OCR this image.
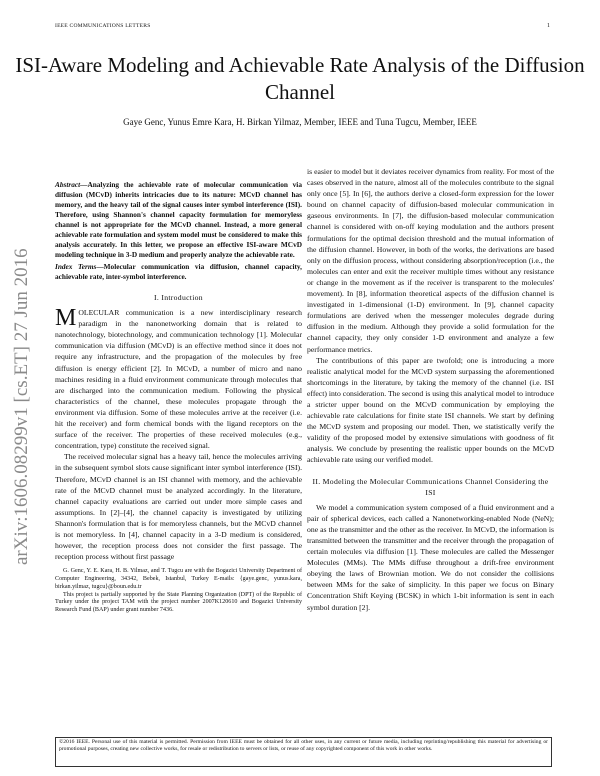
IEEE COMMUNICATIONS LETTERS	1
arXiv:1606.08299v1 [cs.ET] 27 Jun 2016
ISI-Aware Modeling and Achievable Rate Analysis of the Diffusion Channel
Gaye Genc, Yunus Emre Kara, H. Birkan Yilmaz, Member, IEEE and Tuna Tugcu, Member, IEEE
Abstract—Analyzing the achievable rate of molecular communication via diffusion (MCvD) inherits intricacies due to its nature: MCvD channel has memory, and the heavy tail of the signal causes inter symbol interference (ISI). Therefore, using Shannon's channel capacity formulation for memoryless channel is not appropriate for the MCvD channel. Instead, a more general achievable rate formulation and system model must be considered to make this analysis accurately. In this letter, we propose an effective ISI-aware MCvD modeling technique in 3-D medium and properly analyze the achievable rate.
Index Terms—Molecular communication via diffusion, channel capacity, achievable rate, inter-symbol interference.
I. Introduction
MOLECULAR communication is a new interdisciplinary research paradigm in the nanonetworking domain that is related to nanotechnology, biotechnology, and communication technology [1]. Molecular communication via diffusion (MCvD) is an effective method since it does not require any infrastructure, and the propagation of the molecules by free diffusion is energy efficient [2]. In MCvD, a number of micro and nano machines residing in a fluid environment communicate through molecules that are discharged into the communication medium. Following the physical characteristics of the channel, these molecules propagate through the environment via diffusion. Some of these molecules arrive at the receiver (i.e. hit the receiver) and form chemical bonds with the ligand receptors on the surface of the receiver. The properties of these received molecules (e.g., concentration, type) constitute the received signal.
The received molecular signal has a heavy tail, hence the molecules arriving in the subsequent symbol slots cause significant inter symbol interference (ISI). Therefore, MCvD channel is an ISI channel with memory, and the achievable rate of the MCvD channel must be analyzed accordingly. In the literature, channel capacity evaluations are carried out under more simple cases and assumptions. In [2]–[4], the channel capacity is investigated by utilizing Shannon's formulation that is for memoryless channels, but the MCvD channel is not memoryless. In [4], channel capacity in a 3-D medium is considered, however, the reception process does not consider the first passage. The reception process without first passage
G. Genc, Y. E. Kara, H. B. Yilmaz, and T. Tugcu are with the Bogazici University Department of Computer Engineering, 34342, Bebek, Istanbul, Turkey E-mails: {gaye.genc, yunus.kara, birkan.yilmaz, tugcu}@boun.edu.tr
This project is partially supported by the State Planning Organization (DPT) of the Republic of Turkey under the project TAM with the project number 2007K120610 and Bogazici University Research Fund (BAP) under grant number 7436.
is easier to model but it deviates receiver dynamics from reality. For most of the cases observed in the nature, almost all of the molecules contribute to the signal only once [5]. In [6], the authors derive a closed-form expression for the lower bound on channel capacity of diffusion-based molecular communication in gaseous environments. In [7], the diffusion-based molecular communication channel is considered with on-off keying modulation and the authors present formulations for the optimal decision threshold and the mutual information of the diffusion channel. However, in both of the works, the derivations are based only on the diffusion process, without considering absorption/reception (i.e., the molecules can enter and exit the receiver multiple times without any resistance or change in the movement as if the receiver is transparent to the molecules' movement). In [8], information theoretical aspects of the diffusion channel is investigated in 1-dimensional (1-D) environment. In [9], channel capacity formulations are derived when the messenger molecules degrade during diffusion in the medium. Although they provide a solid formulation for the channel capacity, they only consider 1-D environment and analyze a few performance metrics.
The contributions of this paper are twofold; one is introducing a more realistic analytical model for the MCvD system surpassing the aforementioned shortcomings in the literature, by taking the memory of the channel (i.e. ISI effect) into consideration. The second is using this analytical model to introduce a stricter upper bound on the MCvD communication by employing the achievable rate calculations for finite state ISI channels. We start by defining the MCvD system and proposing our model. Then, we statistically verify the validity of the proposed model by extensive simulations with goodness of fit analysis. We conclude by presenting the realistic upper bounds on the MCvD achievable rate using our verified model.
II. Modeling the Molecular Communications Channel Considering the ISI
We model a communication system composed of a fluid environment and a pair of spherical devices, each called a Nanonetworking-enabled Node (NeN); one as the transmitter and the other as the receiver. In MCvD, the information is transmitted between the transmitter and the receiver through the propagation of certain molecules via diffusion [1]. These molecules are called the Messenger Molecules (MMs). The MMs diffuse throughout a drift-free environment obeying the laws of Brownian motion. We do not consider the collisions between MMs for the sake of simplicity. In this paper we focus on Binary Concentration Shift Keying (BCSK) in which 1-bit information is sent in each symbol duration [2].
©2016 IEEE. Personal use of this material is permitted. Permission from IEEE must be obtained for all other uses, in any current or future media, including reprinting/republishing this material for advertising or promotional purposes, creating new collective works, for resale or redistribution to servers or lists, or reuse of any copyrighted component of this work in other works.
